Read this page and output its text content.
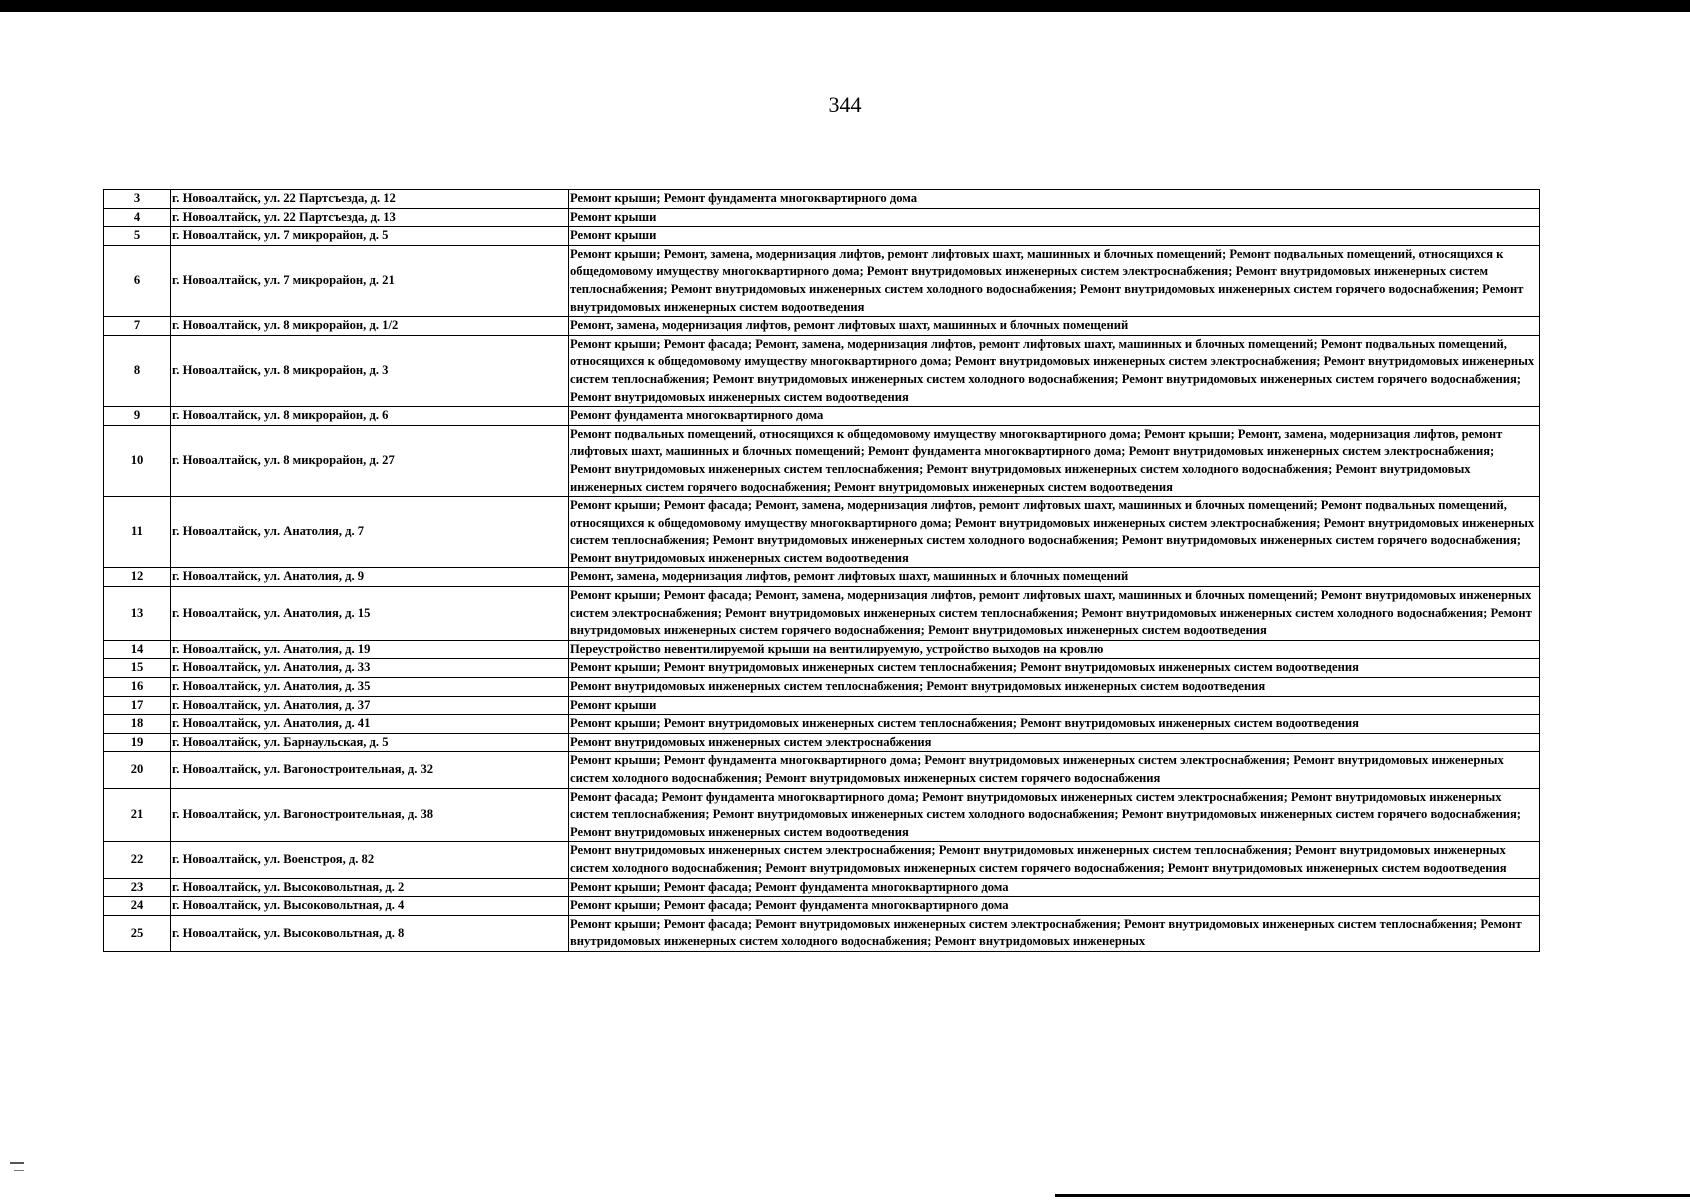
344
3	г. Новоалтайск, ул. 22 Партсъезда, д. 12	Ремонт крыши; Ремонт фундамента многоквартирного дома
4	г. Новоалтайск, ул. 22 Партсъезда, д. 13	Ремонт крыши
5	г. Новоалтайск, ул. 7 микрорайон, д. 5	Ремонт крыши
6	г. Новоалтайск, ул. 7 микрорайон, д. 21	Ремонт крыши; Ремонт, замена, модернизация лифтов, ремонт лифтовых шахт, машинных и блочных помещений; Ремонт подвальных помещений, относящихся к общедомовому имуществу многоквартирного дома; Ремонт внутридомовых инженерных систем электроснабжения; Ремонт внутридомовых инженерных систем теплоснабжения; Ремонт внутридомовых инженерных систем холодного водоснабжения; Ремонт внутридомовых инженерных систем горячего водоснабжения; Ремонт внутридомовых инженерных систем водоотведения
7	г. Новоалтайск, ул. 8 микрорайон, д. 1/2	Ремонт, замена, модернизация лифтов, ремонт лифтовых шахт, машинных и блочных помещений
8	г. Новоалтайск, ул. 8 микрорайон, д. 3	Ремонт крыши; Ремонт фасада; Ремонт, замена, модернизация лифтов, ремонт лифтовых шахт, машинных и блочных помещений; Ремонт подвальных помещений, относящихся к общедомовому имуществу многоквартирного дома; Ремонт внутридомовых инженерных систем электроснабжения; Ремонт внутридомовых инженерных систем теплоснабжения; Ремонт внутридомовых инженерных систем холодного водоснабжения; Ремонт внутридомовых инженерных систем горячего водоснабжения; Ремонт внутридомовых инженерных систем водоотведения
9	г. Новоалтайск, ул. 8 микрорайон, д. 6	Ремонт фундамента многоквартирного дома
10	г. Новоалтайск, ул. 8 микрорайон, д. 27	Ремонт подвальных помещений, относящихся к общедомовому имуществу многоквартирного дома; Ремонт крыши; Ремонт, замена, модернизация лифтов, ремонт лифтовых шахт, машинных и блочных помещений; Ремонт фундамента многоквартирного дома; Ремонт внутридомовых инженерных систем электроснабжения; Ремонт внутридомовых инженерных систем теплоснабжения; Ремонт внутридомовых инженерных систем холодного водоснабжения; Ремонт внутридомовых инженерных систем горячего водоснабжения; Ремонт внутридомовых инженерных систем водоотведения
11	г. Новоалтайск, ул. Анатолия, д. 7	Ремонт крыши; Ремонт фасада; Ремонт, замена, модернизация лифтов, ремонт лифтовых шахт, машинных и блочных помещений; Ремонт подвальных помещений, относящихся к общедомовому имуществу многоквартирного дома; Ремонт внутридомовых инженерных систем электроснабжения; Ремонт внутридомовых инженерных систем теплоснабжения; Ремонт внутридомовых инженерных систем холодного водоснабжения; Ремонт внутридомовых инженерных систем горячего водоснабжения; Ремонт внутридомовых инженерных систем водоотведения
12	г. Новоалтайск, ул. Анатолия, д. 9	Ремонт, замена, модернизация лифтов, ремонт лифтовых шахт, машинных и блочных помещений
13	г. Новоалтайск, ул. Анатолия, д. 15	Ремонт крыши; Ремонт фасада; Ремонт, замена, модернизация лифтов, ремонт лифтовых шахт, машинных и блочных помещений; Ремонт внутридомовых инженерных систем электроснабжения; Ремонт внутридомовых инженерных систем теплоснабжения; Ремонт внутридомовых инженерных систем холодного водоснабжения; Ремонт внутридомовых инженерных систем горячего водоснабжения; Ремонт внутридомовых инженерных систем водоотведения
14	г. Новоалтайск, ул. Анатолия, д. 19	Переустройство невентилируемой крыши на вентилируемую, устройство выходов на кровлю
15	г. Новоалтайск, ул. Анатолия, д. 33	Ремонт крыши; Ремонт внутридомовых инженерных систем теплоснабжения; Ремонт внутридомовых инженерных систем водоотведения
16	г. Новоалтайск, ул. Анатолия, д. 35	Ремонт внутридомовых инженерных систем теплоснабжения; Ремонт внутридомовых инженерных систем водоотведения
17	г. Новоалтайск, ул. Анатолия, д. 37	Ремонт крыши
18	г. Новоалтайск, ул. Анатолия, д. 41	Ремонт крыши; Ремонт внутридомовых инженерных систем теплоснабжения; Ремонт внутридомовых инженерных систем водоотведения
19	г. Новоалтайск, ул. Барнаульская, д. 5	Ремонт внутридомовых инженерных систем электроснабжения
20	г. Новоалтайск, ул. Вагоностроительная, д. 32	Ремонт крыши; Ремонт фундамента многоквартирного дома; Ремонт внутридомовых инженерных систем электроснабжения; Ремонт внутридомовых инженерных систем холодного водоснабжения; Ремонт внутридомовых инженерных систем горячего водоснабжения
21	г. Новоалтайск, ул. Вагоностроительная, д. 38	Ремонт фасада; Ремонт фундамента многоквартирного дома; Ремонт внутридомовых инженерных систем электроснабжения; Ремонт внутридомовых инженерных систем теплоснабжения; Ремонт внутридомовых инженерных систем холодного водоснабжения; Ремонт внутридомовых инженерных систем горячего водоснабжения; Ремонт внутридомовых инженерных систем водоотведения
22	г. Новоалтайск, ул. Военстроя, д. 82	Ремонт внутридомовых инженерных систем электроснабжения; Ремонт внутридомовых инженерных систем теплоснабжения; Ремонт внутридомовых инженерных систем холодного водоснабжения; Ремонт внутридомовых инженерных систем горячего водоснабжения; Ремонт внутридомовых инженерных систем водоотведения
23	г. Новоалтайск, ул. Высоковольтная, д. 2	Ремонт крыши; Ремонт фасада; Ремонт фундамента многоквартирного дома
24	г. Новоалтайск, ул. Высоковольтная, д. 4	Ремонт крыши; Ремонт фасада; Ремонт фундамента многоквартирного дома
25	г. Новоалтайск, ул. Высоковольтная, д. 8	Ремонт крыши; Ремонт фасада; Ремонт внутридомовых инженерных систем электроснабжения; Ремонт внутридомовых инженерных систем теплоснабжения; Ремонт внутридомовых инженерных систем холодного водоснабжения; Ремонт внутридомовых инженерных
